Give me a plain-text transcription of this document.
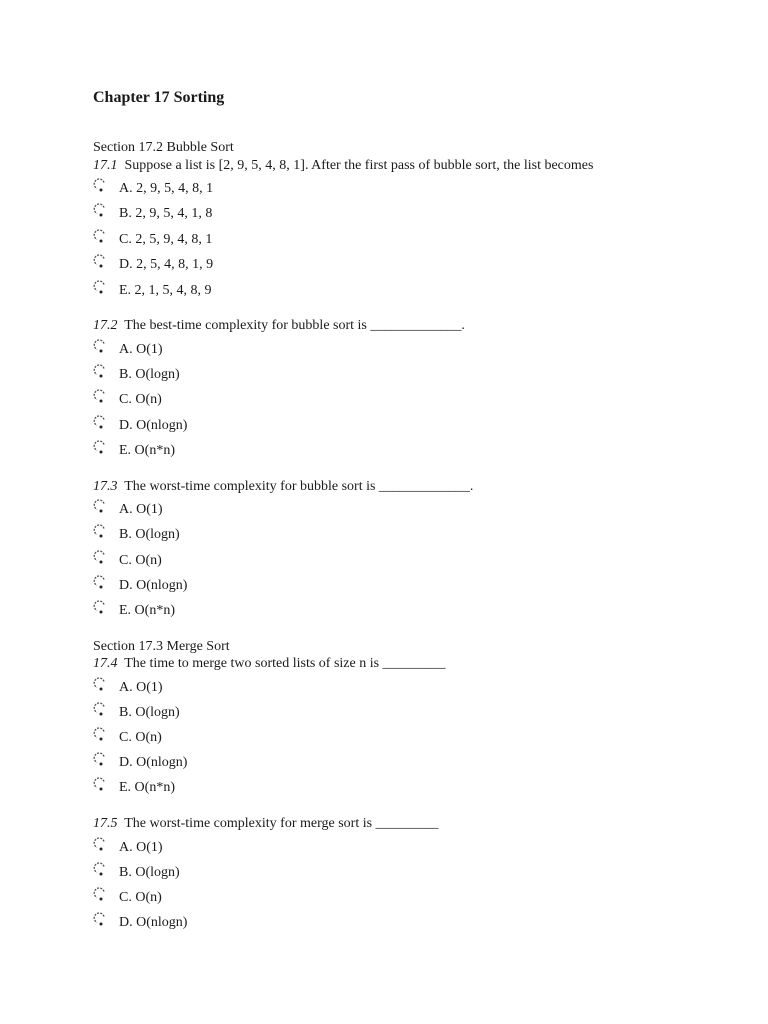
Chapter 17 Sorting
Section 17.2 Bubble Sort
17.1 Suppose a list is [2, 9, 5, 4, 8, 1]. After the first pass of bubble sort, the list becomes
A. 2, 9, 5, 4, 8, 1
B. 2, 9, 5, 4, 1, 8
C. 2, 5, 9, 4, 8, 1
D. 2, 5, 4, 8, 1, 9
E. 2, 1, 5, 4, 8, 9
17.2 The best-time complexity for bubble sort is _____________.
A. O(1)
B. O(logn)
C. O(n)
D. O(nlogn)
E. O(n*n)
17.3 The worst-time complexity for bubble sort is _____________.
A. O(1)
B. O(logn)
C. O(n)
D. O(nlogn)
E. O(n*n)
Section 17.3 Merge Sort
17.4 The time to merge two sorted lists of size n is _________
A. O(1)
B. O(logn)
C. O(n)
D. O(nlogn)
E. O(n*n)
17.5 The worst-time complexity for merge sort is _________
A. O(1)
B. O(logn)
C. O(n)
D. O(nlogn)
